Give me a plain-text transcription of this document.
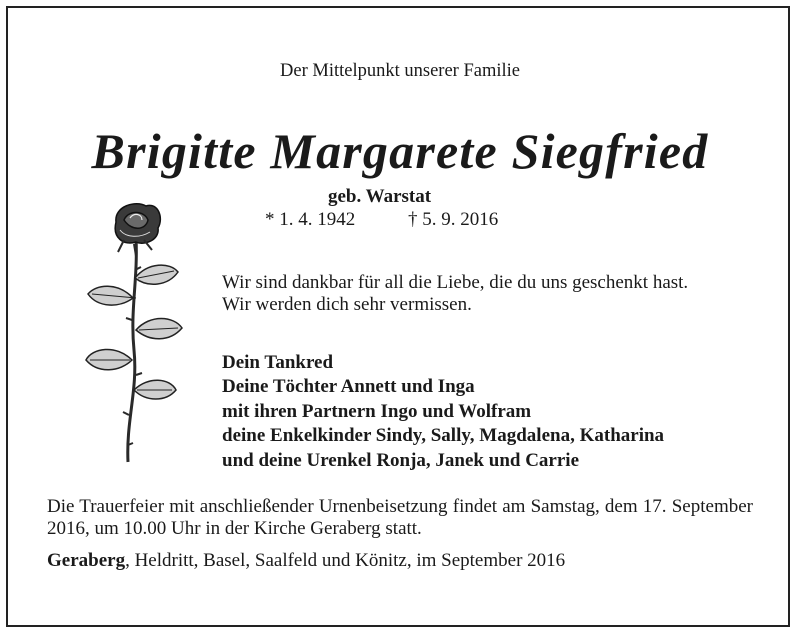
Der Mittelpunkt unserer Familie
Brigitte Margarete Siegfried
geb. Warstat
* 1. 4. 1942	† 5. 9. 2016
Wir sind dankbar für all die Liebe, die du uns geschenkt hast.
Wir werden dich sehr vermissen.
Dein Tankred
Deine Töchter Annett und Inga
mit ihren Partnern Ingo und Wolfram
deine Enkelkinder Sindy, Sally, Magdalena, Katharina
und deine Urenkel Ronja, Janek und Carrie
Die Trauerfeier mit anschließender Urnenbeisetzung findet am Samstag, dem 17. September 2016, um 10.00 Uhr in der Kirche Geraberg statt.
Geraberg, Heldritt, Basel, Saalfeld und Könitz, im September 2016
